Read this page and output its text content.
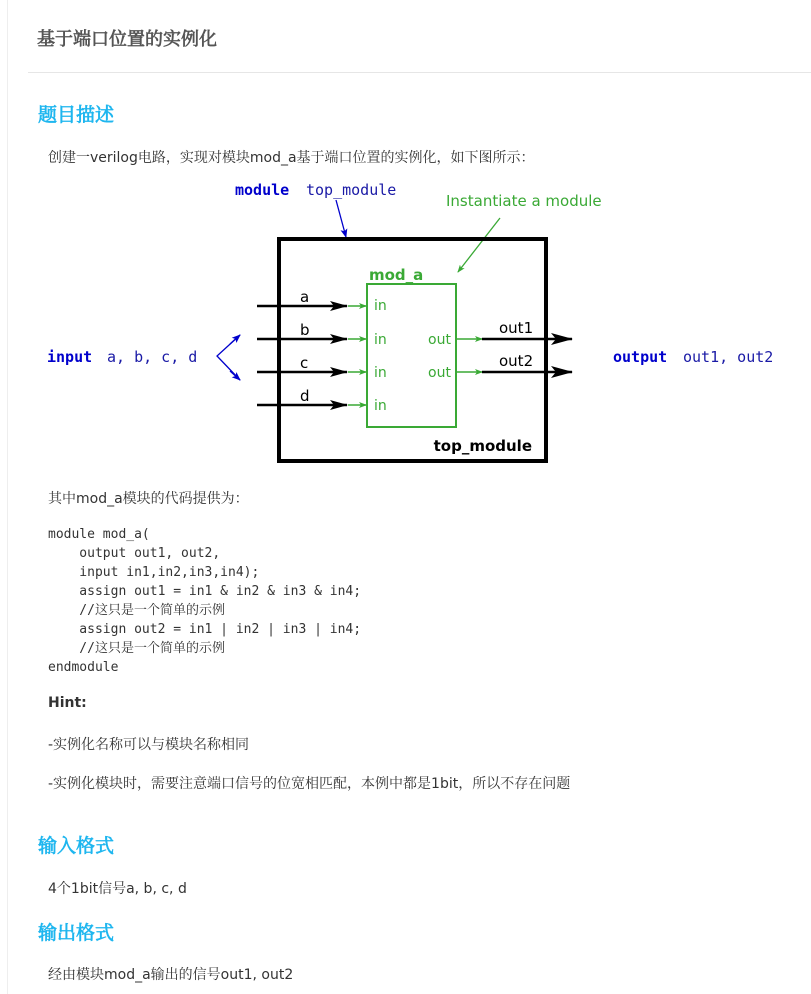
基于端口位置的实例化
题目描述
创建一verilog电路，实现对模块mod_a基于端口位置的实例化，如下图所示：
module top_module
Instantiate a module
top_module
mod_a
a
b
c
d
in
in
in
in
out
out
out1
out2
input a, b, c, d	output out1, out2
其中mod_a模块的代码提供为：
module mod_a(
output out1, out2,
input in1,in2,in3,in4);
assign out1 = in1 & in2 & in3 & in4;
//这只是一个简单的示例
assign out2 = in1 | in2 | in3 | in4;
//这只是一个简单的示例
endmodule
Hint:
-实例化名称可以与模块名称相同
-实例化模块时，需要注意端口信号的位宽相匹配，本例中都是1bit，所以不存在问题
输入格式
4个1bit信号a, b, c, d
输出格式
经由模块mod_a输出的信号out1, out2
